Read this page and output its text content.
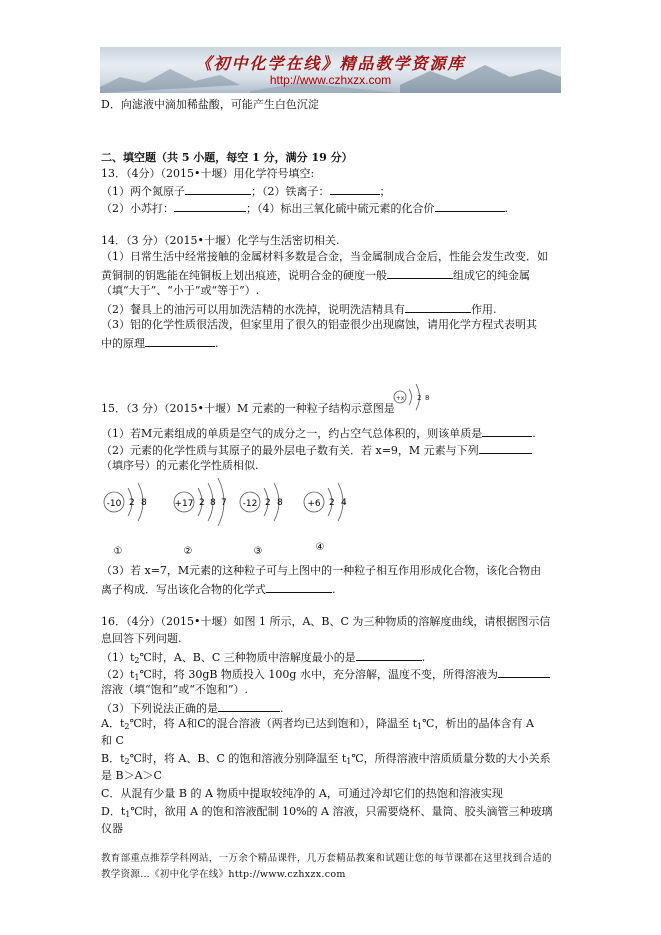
《初中化学在线》精品教学资源库
http://www.czhxzx.com
D．向滤液中滴加稀盐酸，可能产生白色沉淀
二、填空题（共 5 小题，每空 1 分，满分 19 分）
13．（4分）（2015•十堰）用化学符号填空:
（1）两个氮原子	；（2）铁离子：	；
（2）小苏打：	；（4）标出三氧化硫中硫元素的化合价	.
14．（3 分）（2015•十堰）化学与生活密切相关.
（1）日常生活中经常接触的金属材料多数是合金，当金属制成合金后，性能会发生改变．如
黄铜制的钥匙能在纯铜板上划出痕迹，说明合金的硬度一般	组成它的纯金属
（填“大于”、“小于”或“等于”）.
（2）餐具上的油污可以用加洗洁精的水洗掉，说明洗洁精具有	作用.
（3）铝的化学性质很活泼，但家里用了很久的铝壶很少出现腐蚀，请用化学方程式表明其
中的原理	.
15．（3 分）（2015•十堰）M 元素的一种粒子结构示意图是
+x 2 8
（1）若M元素组成的单质是空气的成分之一，约占空气总体积的，则该单质是	.
（2）元素的化学性质与其原子的最外层电子数有关．若 x=9，M 元素与下列
（填序号）的元素化学性质相似.
-10 2 8
①
+17 2 8 7
②
-12 2 8
③
+6 2 4
④
（3）若 x=7，M元素的这种粒子可与上图中的一种粒子相互作用形成化合物，该化合物由
离子构成．写出该化合物的化学式	.
16．（4分）（2015•十堰）如图 1 所示，A、B、C 为三种物质的溶解度曲线，请根据图示信
息回答下列问题.
$(1)t_2℃$时，A、B、C 三种物质中溶解度最小的是	.
$(2)t_1℃$时，将 30gB 物质投入 100g 水中，充分溶解，温度不变，所得溶液为
溶液（填“饱和”或“不饱和”）.
（3）下列说法正确的是	.
A．$t_2℃$时，将 A和C的混合溶液（两者均已达到饱和），降温至 $t_1℃$，析出的晶体含有 A
和 C
B．$t_2℃$时，将 A、B、C 的饱和溶液分别降温至 $t_1℃$，所得溶液中溶质质量分数的大小关系
是 B＞A＞C
C．从混有少量 B 的 A 物质中提取较纯净的 A，可通过冷却它们的热饱和溶液实现
D．$t_1℃$时，欲用 A 的饱和溶液配制 10%的 A 溶液，只需要烧杯、量筒、胶头滴管三种玻璃
仪器
教育部重点推荐学科网站，一万余个精品课件，几万套精品教案和试题让您的每节课都在这里找到合适的
教学资源…《初中化学在线》http://www.czhxzx.com
